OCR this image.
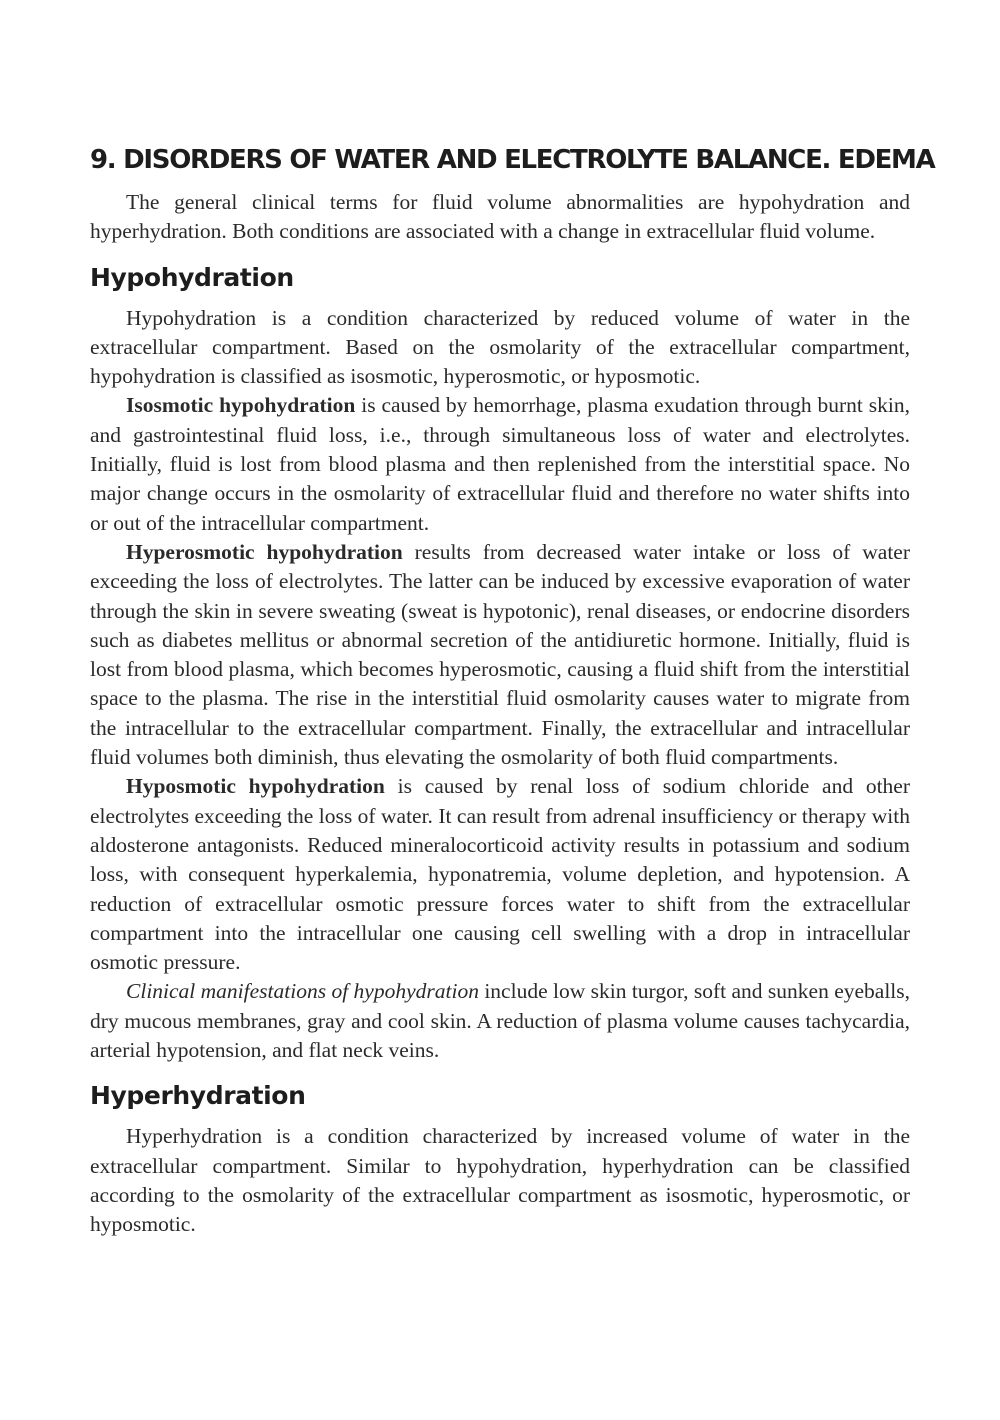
9. DISORDERS OF WATER AND ELECTROLYTE BALANCE. EDEMA

The general clinical terms for fluid volume abnormalities are hypohydration and hyperhydration. Both conditions are associated with a change in extracellular fluid volume.

Hypohydration

Hypohydration is a condition characterized by reduced volume of water in the extracellular compartment. Based on the osmolarity of the extracellular compartment, hypohydration is classified as isosmotic, hyperosmotic, or hyposmotic.

Isosmotic hypohydration is caused by hemorrhage, plasma exudation through burnt skin, and gastrointestinal fluid loss, i.e., through simultaneous loss of water and electrolytes. Initially, fluid is lost from blood plasma and then replenished from the interstitial space. No major change occurs in the osmolarity of extracellular fluid and therefore no water shifts into or out of the intracellular compartment.

Hyperosmotic hypohydration results from decreased water intake or loss of water exceeding the loss of electrolytes. The latter can be induced by excessive evaporation of water through the skin in severe sweating (sweat is hypotonic), renal diseases, or endocrine disorders such as diabetes mellitus or abnormal secretion of the antidiuretic hormone. Initially, fluid is lost from blood plasma, which becomes hyperosmotic, causing a fluid shift from the interstitial space to the plasma. The rise in the interstitial fluid osmolarity causes water to migrate from the intracellular to the extracellular compartment. Finally, the extracellular and intracellular fluid volumes both diminish, thus elevating the osmolarity of both fluid compartments.

Hyposmotic hypohydration is caused by renal loss of sodium chloride and other electrolytes exceeding the loss of water. It can result from adrenal insufficiency or therapy with aldosterone antagonists. Reduced mineralocorticoid activity results in potassium and sodium loss, with consequent hyperkalemia, hyponatremia, volume depletion, and hypotension. A reduction of extracellular osmotic pressure forces water to shift from the extracellular compartment into the intracellular one causing cell swelling with a drop in intracellular osmotic pressure.

Clinical manifestations of hypohydration include low skin turgor, soft and sunken eyeballs, dry mucous membranes, gray and cool skin. A reduction of plasma volume causes tachycardia, arterial hypotension, and flat neck veins.

Hyperhydration

Hyperhydration is a condition characterized by increased volume of water in the extracellular compartment. Similar to hypohydration, hyperhydration can be classified according to the osmolarity of the extracellular compartment as isosmotic, hyperosmotic, or hyposmotic.
